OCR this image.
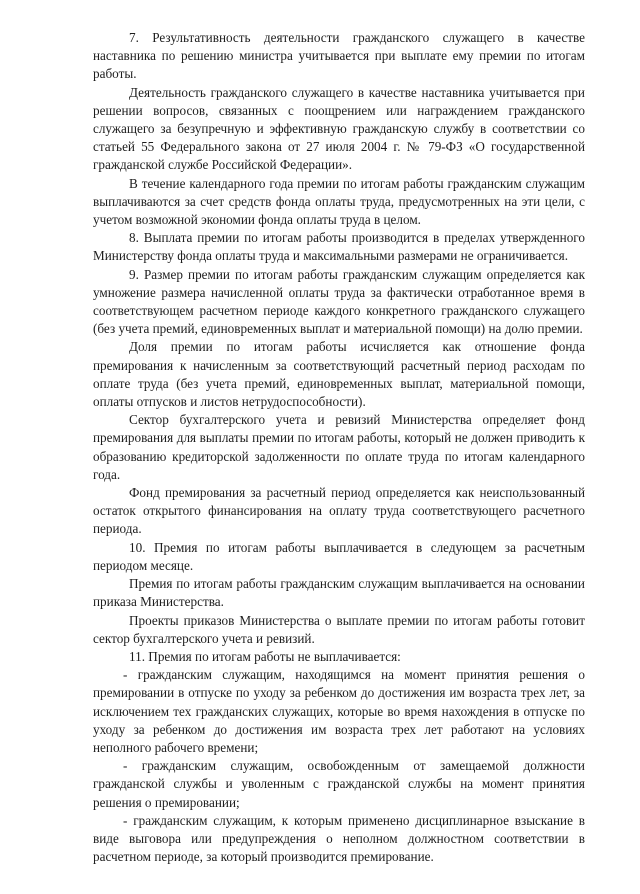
7. Результативность деятельности гражданского служащего в качестве наставника по решению министра учитывается при выплате ему премии по итогам работы.

Деятельность гражданского служащего в качестве наставника учитывается при решении вопросов, связанных с поощрением или награждением гражданского служащего за безупречную и эффективную гражданскую службу в соответствии со статьей 55 Федерального закона от 27 июля 2004 г. № 79-ФЗ «О государственной гражданской службе Российской Федерации».

В течение календарного года премии по итогам работы гражданским служащим выплачиваются за счет средств фонда оплаты труда, предусмотренных на эти цели, с учетом возможной экономии фонда оплаты труда в целом.

8. Выплата премии по итогам работы производится в пределах утвержденного Министерству фонда оплаты труда и максимальными размерами не ограничивается.

9. Размер премии по итогам работы гражданским служащим определяется как умножение размера начисленной оплаты труда за фактически отработанное время в соответствующем расчетном периоде каждого конкретного гражданского служащего (без учета премий, единовременных выплат и материальной помощи) на долю премии.

Доля премии по итогам работы исчисляется как отношение фонда премирования к начисленным за соответствующий расчетный период расходам по оплате труда (без учета премий, единовременных выплат, материальной помощи, оплаты отпусков и листов нетрудоспособности).

Сектор бухгалтерского учета и ревизий Министерства определяет фонд премирования для выплаты премии по итогам работы, который не должен приводить к образованию кредиторской задолженности по оплате труда по итогам календарного года.

Фонд премирования за расчетный период определяется как неиспользованный остаток открытого финансирования на оплату труда соответствующего расчетного периода.

10. Премия по итогам работы выплачивается в следующем за расчетным периодом месяце.

Премия по итогам работы гражданским служащим выплачивается на основании приказа Министерства.

Проекты приказов Министерства о выплате премии по итогам работы готовит сектор бухгалтерского учета и ревизий.

11. Премия по итогам работы не выплачивается:

- гражданским служащим, находящимся на момент принятия решения о премировании в отпуске по уходу за ребенком до достижения им возраста трех лет, за исключением тех гражданских служащих, которые во время нахождения в отпуске по уходу за ребенком до достижения им возраста трех лет работают на условиях неполного рабочего времени;

- гражданским служащим, освобожденным от замещаемой должности гражданской службы и уволенным с гражданской службы на момент принятия решения о премировании;

- гражданским служащим, к которым применено дисциплинарное взыскание в виде выговора или предупреждения о неполном должностном соответствии в расчетном периоде, за который производится премирование.
